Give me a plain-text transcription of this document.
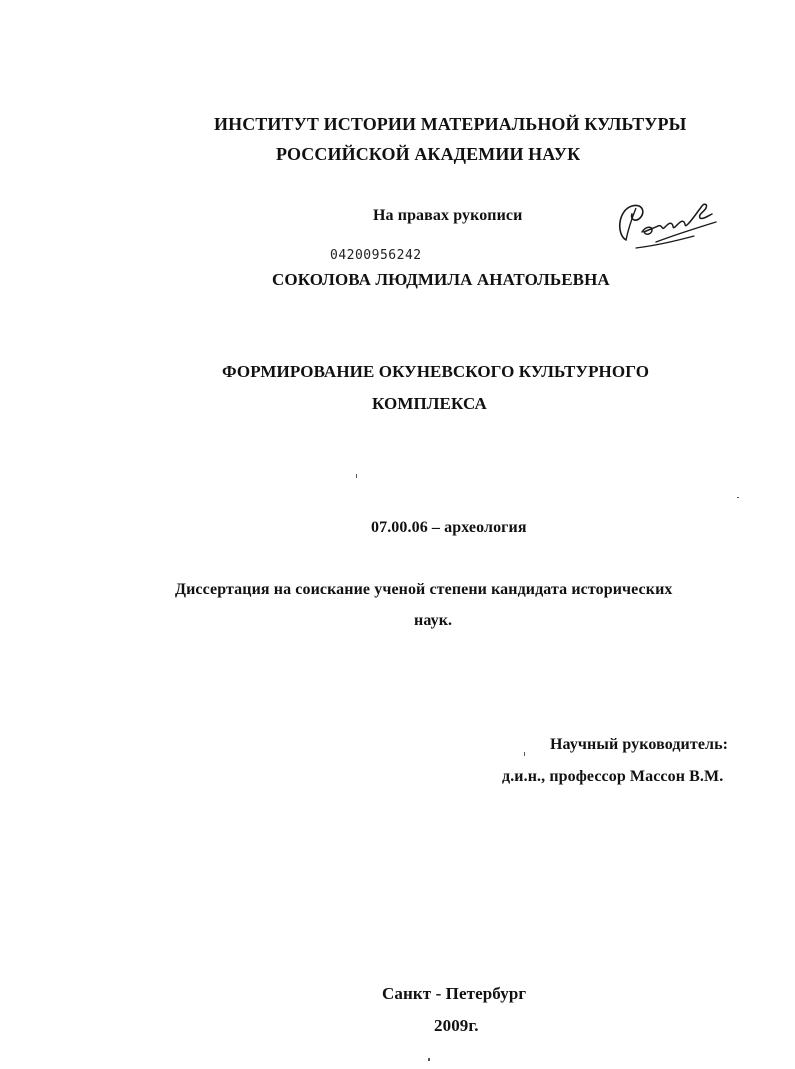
ИНСТИТУТ ИСТОРИИ МАТЕРИАЛЬНОЙ КУЛЬТУРЫ
РОССИЙСКОЙ АКАДЕМИИ НАУК
На правах рукописи
04200956242
СОКОЛОВА ЛЮДМИЛА АНАТОЛЬЕВНА
ФОРМИРОВАНИЕ ОКУНЕВСКОГО КУЛЬТУРНОГО
КОМПЛЕКСА
07.00.06 – археология
Диссертация на соискание ученой степени кандидата исторических
наук.
Научный руководитель:
д.и.н., профессор Массон В.М.
Санкт - Петербург
2009г.
